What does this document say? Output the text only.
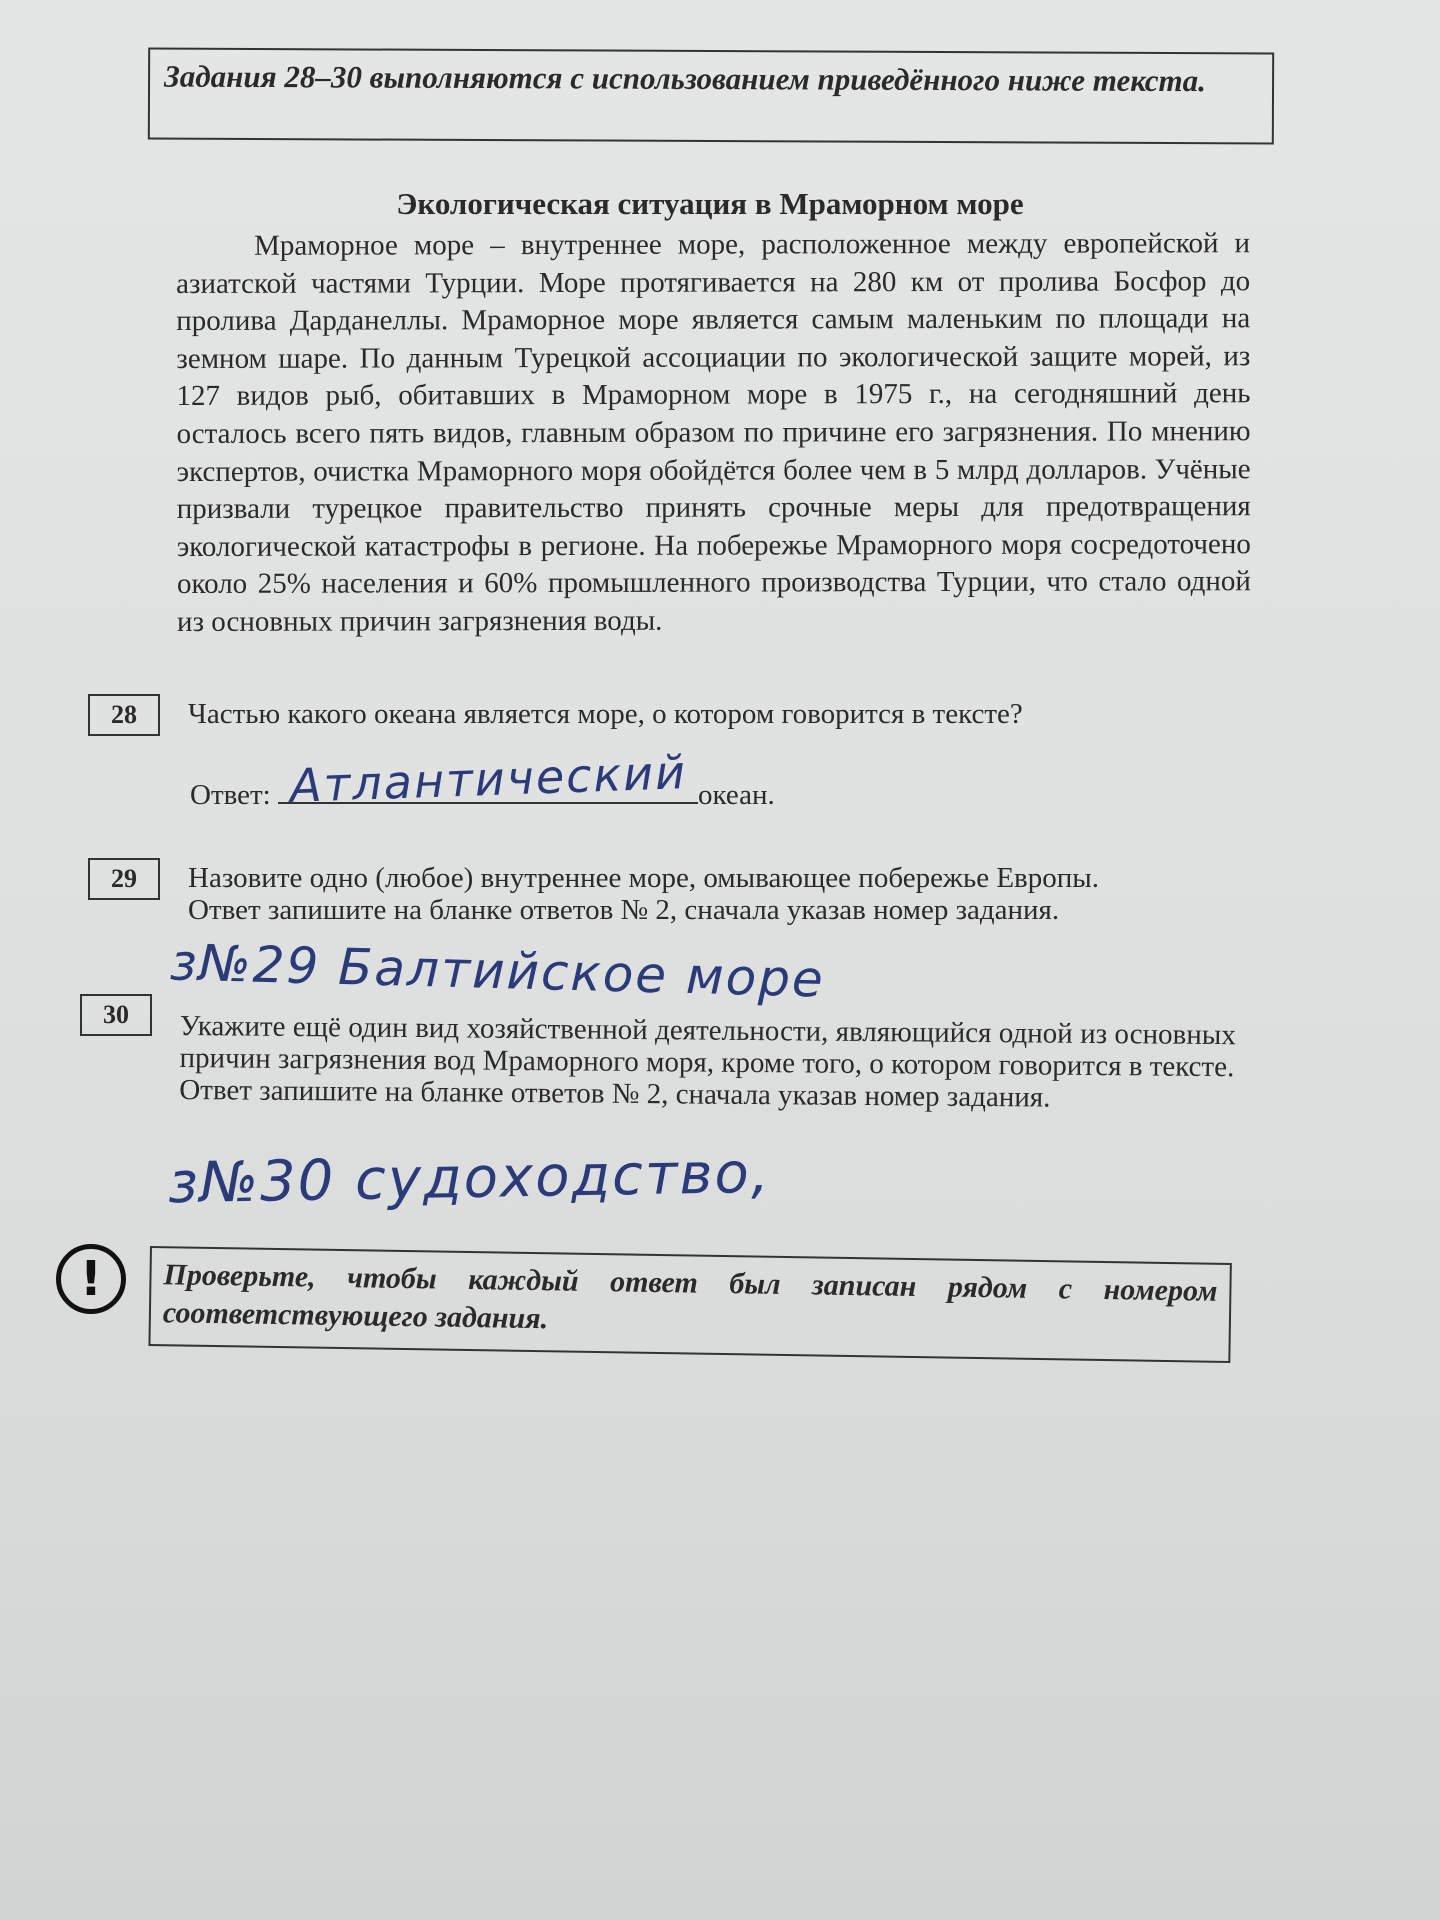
Задания 28–30 выполняются с использованием приведённого ниже текста.
Экологическая ситуация в Мраморном море
Мраморное море – внутреннее море, расположенное между европейской и азиатской частями Турции. Море протягивается на 280 км от пролива Босфор до пролива Дарданеллы. Мраморное море является самым маленьким по площади на земном шаре. По данным Турецкой ассоциации по экологической защите морей, из 127 видов рыб, обитавших в Мраморном море в 1975 г., на сегодняшний день осталось всего пять видов, главным образом по причине его загрязнения. По мнению экспертов, очистка Мраморного моря обойдётся более чем в 5 млрд долларов. Учёные призвали турецкое правительство принять срочные меры для предотвращения экологической катастрофы в регионе. На побережье Мраморного моря сосредоточено около 25% населения и 60% промышленного производства Турции, что стало одной из основных причин загрязнения воды.
28	Частью какого океана является море, о котором говорится в тексте?
Ответ:	океан.
Атлантический
29	Назовите одно (любое) внутреннее море, омывающее побережье Европы.
Ответ запишите на бланке ответов № 2, сначала указав номер задания.
з№29 Балтийское море
30	Укажите ещё один вид хозяйственной деятельности, являющийся одной из основных причин загрязнения вод Мраморного моря, кроме того, о котором говорится в тексте.
Ответ запишите на бланке ответов № 2, сначала указав номер задания.
з№30 судоходство,
!	Проверьте, чтобы каждый ответ был записан рядом с номером соответствующего задания.
